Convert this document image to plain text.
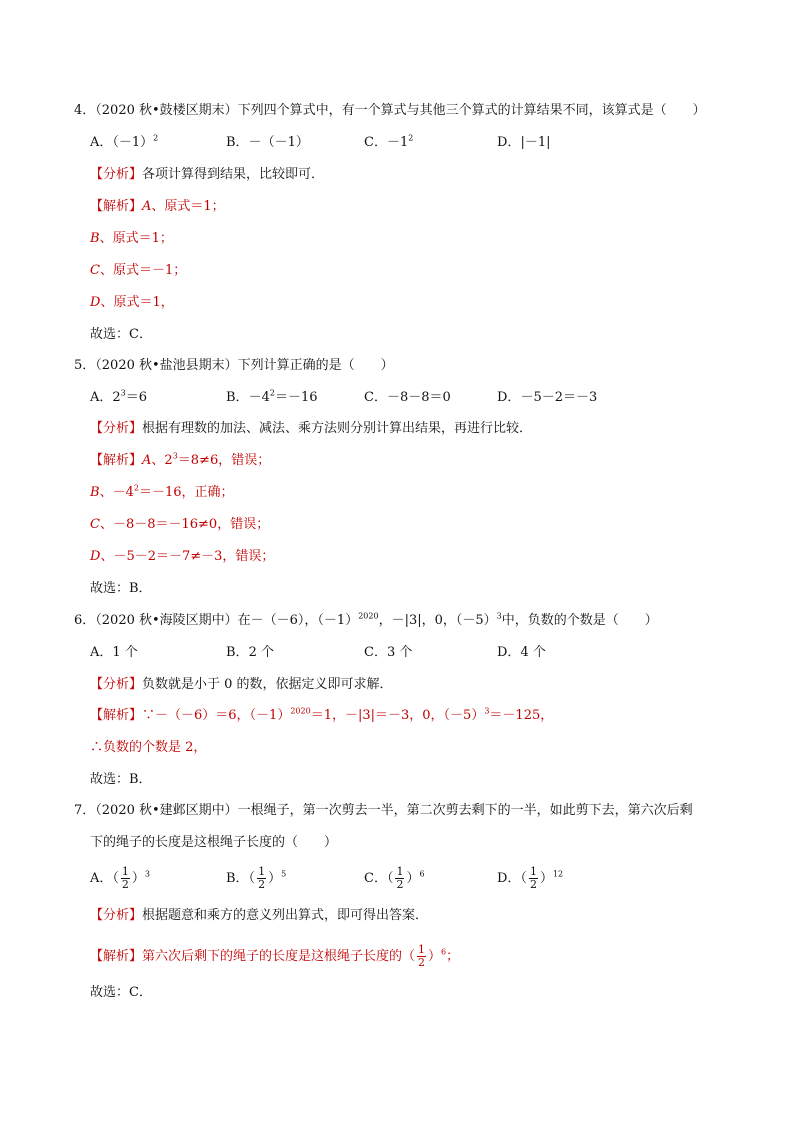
4．（2020 秋•鼓楼区期末）下列四个算式中，有一个算式与其他三个算式的计算结果不同，该算式是（　　）
A．$(-1)^2$	B．－（－1）	C．$-1^2$	D．|－1|
【分析】各项计算得到结果，比较即可．
【解析】A、原式＝1；
B、原式＝1；
C、原式＝－1；
D、原式＝1，
故选：C．
5．（2020 秋•盐池县期末）下列计算正确的是（　　）
A．$2^3=6$	B．$-4^2=-16$	C．－8－8＝0	D．－5－2＝－3
【分析】根据有理数的加法、减法、乘方法则分别计算出结果，再进行比较．
【解析】A、$2^3=8\ne 6$，错误；
B、$-4^2=-16$，正确；
C、－8－8＝－16≠0，错误；
D、－5－2＝－7≠－3，错误；
故选：B．
6．（2020 秋•海陵区期中）在－（－6），$(-1)^{2020}$，－|3|，0，$(-5)^3$中，负数的个数是（　　）
A．1 个	B．2 个	C．3 个	D．4 个
【分析】负数就是小于 0 的数，依据定义即可求解．
【解析】∵－（－6）＝6，$(-1)^{2020}=1$，－|3|＝－3，0，$(-5)^3=-125$，
∴负数的个数是 2，
故选：B．
7．（2020 秋•建邺区期中）一根绳子，第一次剪去一半，第二次剪去剩下的一半，如此剪下去，第六次后剩
下的绳子的长度是这根绳子长度的（　　）
A．（ $\frac{1}{2} )^3$	B．（ $\frac{1}{2} )^5$	C．（ $\frac{1}{2} )^6$	D．（ $\frac{1}{2} )^{12}$
【分析】根据题意和乘方的意义列出算式，即可得出答案．
【解析】第六次后剩下的绳子的长度是这根绳子长度的（ $\frac{1}{2} )^6$；
故选：C．
